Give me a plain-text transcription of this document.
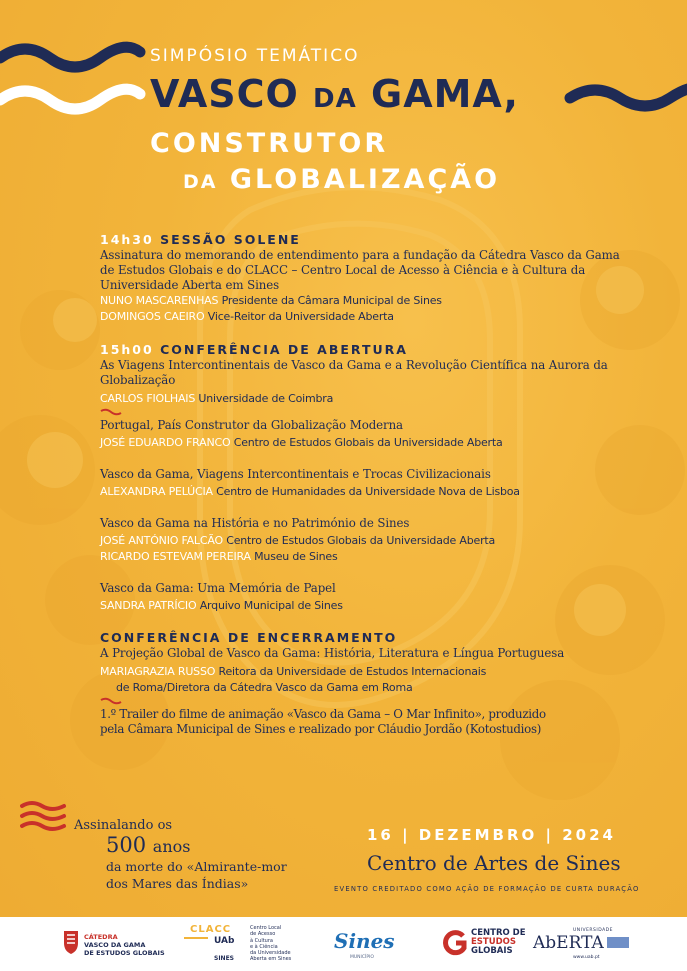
SIMPÓSIO TEMÁTICO
VASCO DA GAMA,
CONSTRUTOR
DA GLOBALIZAÇÃO
14h30 SESSÃO SOLENE
Assinatura do memorando de entendimento para a fundação da Cátedra Vasco da Gama de Estudos Globais e do CLACC – Centro Local de Acesso à Ciência e à Cultura da Universidade Aberta em Sines
NUNO MASCARENHAS Presidente da Câmara Municipal de Sines
DOMINGOS CAEIRO Vice-Reitor da Universidade Aberta
15h00 CONFERÊNCIA DE ABERTURA
As Viagens Intercontinentais de Vasco da Gama e a Revolução Científica na Aurora da Globalização
CARLOS FIOLHAIS Universidade de Coimbra
Portugal, País Construtor da Globalização Moderna
JOSÉ EDUARDO FRANCO Centro de Estudos Globais da Universidade Aberta
Vasco da Gama, Viagens Intercontinentais e Trocas Civilizacionais
ALEXANDRA PELÚCIA Centro de Humanidades da Universidade Nova de Lisboa
Vasco da Gama na História e no Património de Sines
JOSÉ ANTÓNIO FALCÃO Centro de Estudos Globais da Universidade Aberta
RICARDO ESTEVAM PEREIRA Museu de Sines
Vasco da Gama: Uma Memória de Papel
SANDRA PATRÍCIO Arquivo Municipal de Sines
CONFERÊNCIA DE ENCERRAMENTO
A Projeção Global de Vasco da Gama: História, Literatura e Língua Portuguesa
MARIAGRAZIA RUSSO Reitora da Universidade de Estudos Internacionais
de Roma/Diretora da Cátedra Vasco da Gama em Roma
1.º Trailer do filme de animação «Vasco da Gama – O Mar Infinito», produzido
pela Câmara Municipal de Sines e realizado por Cláudio Jordão (Kotostudios)
Assinalando os
500 anos
da morte do «Almirante-mor
dos Mares das Índias»
16 | DEZEMBRO | 2024
Centro de Artes de Sines
EVENTO CREDITADO COMO AÇÃO DE FORMAÇÃO DE CURTA DURAÇÃO
CÁTEDRA
VASCO DA GAMA
DE ESTUDOS GLOBAIS
CLACC
UAb
SINES
Centro Local
de Acesso
à Cultura
e à Ciência
da Universidade
Aberta em Sines
Sines
MUNICÍPIO
CENTRO DE
ESTUDOS
GLOBAIS
UNIVERSIDADE
AbERTA
www.uab.pt
